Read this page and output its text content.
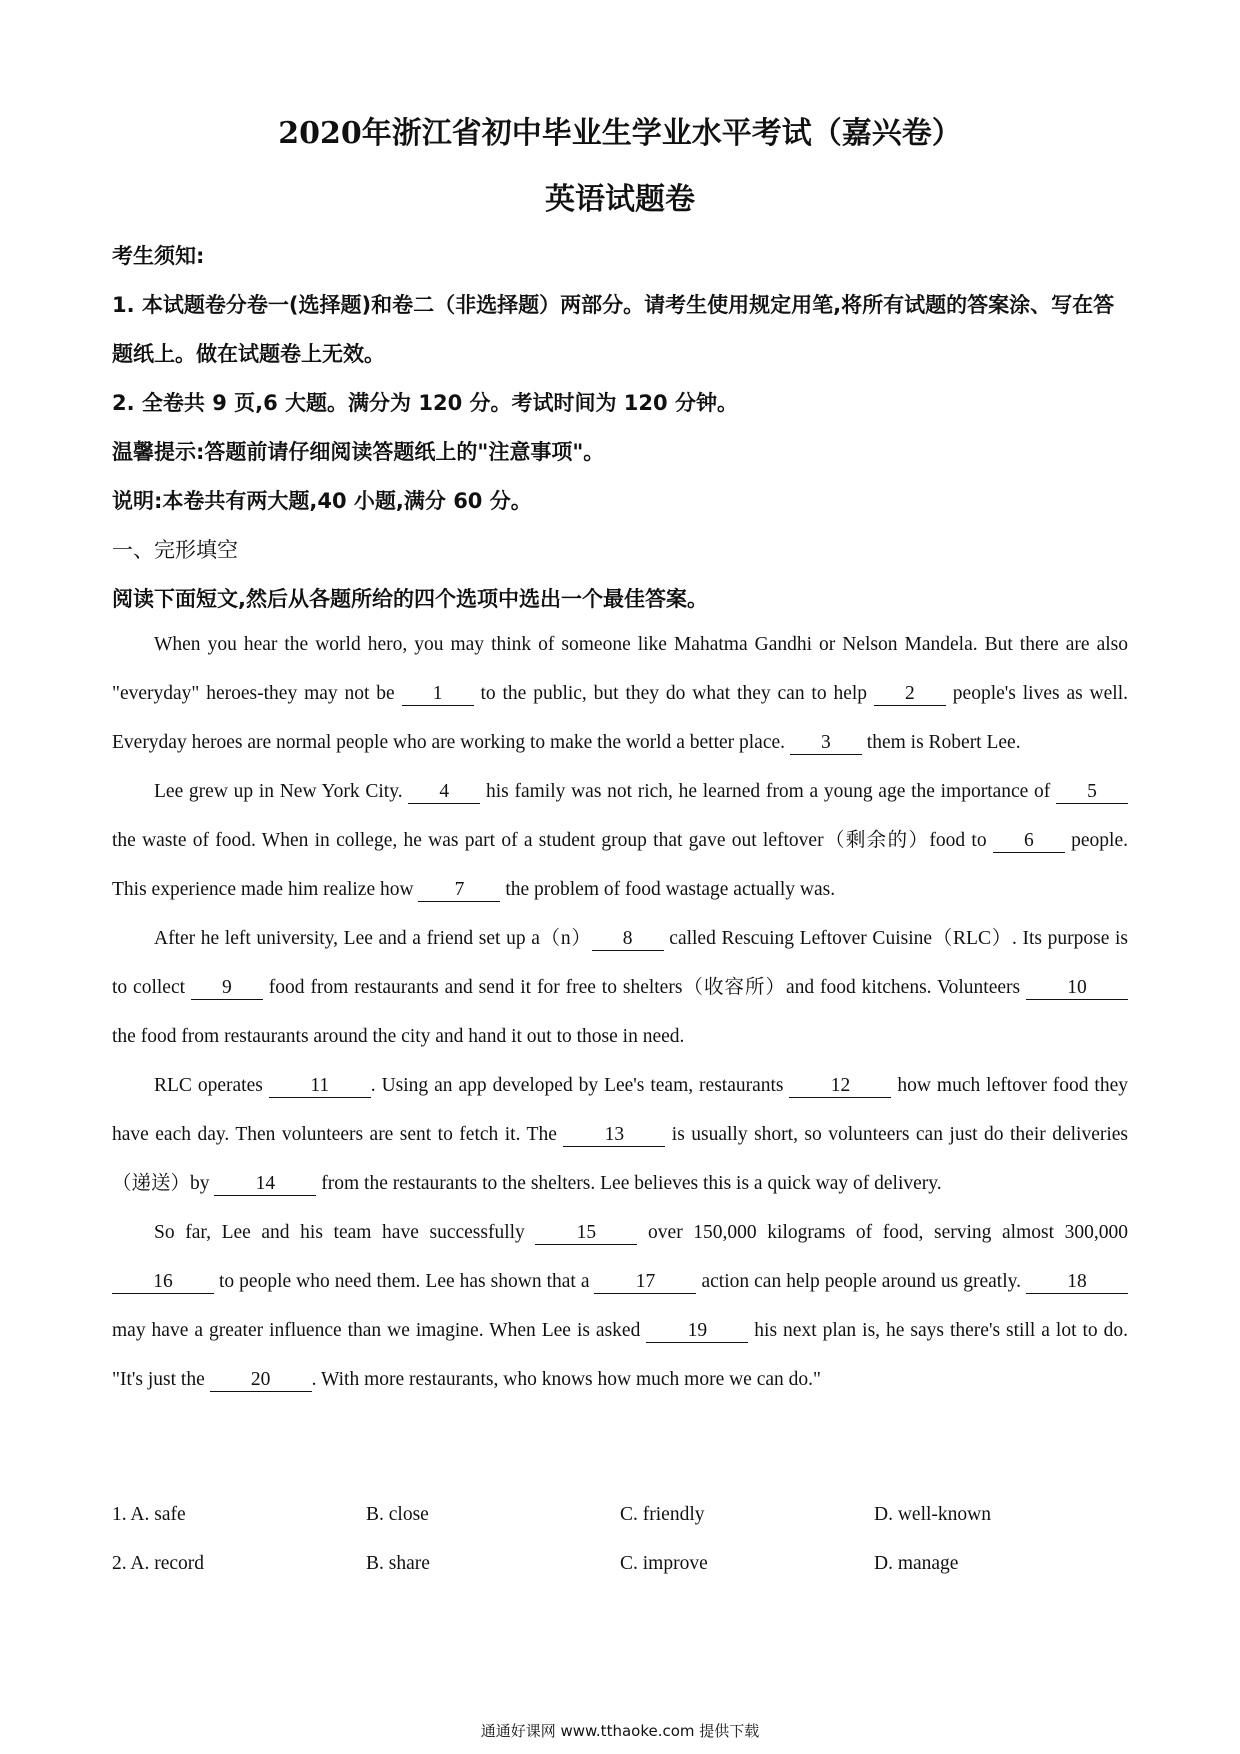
2020年浙江省初中毕业生学业水平考试（嘉兴卷）
英语试题卷

考生须知:

1. 本试题卷分卷一(选择题)和卷二（非选择题）两部分。请考生使用规定用笔,将所有试题的答案涂、写在答题纸上。做在试题卷上无效。

2. 全卷共 9 页,6 大题。满分为 120 分。考试时间为 120 分钟。

温馨提示:答题前请仔细阅读答题纸上的"注意事项"。

说明:本卷共有两大题,40 小题,满分 60 分。

一、完形填空

阅读下面短文,然后从各题所给的四个选项中选出一个最佳答案。

When you hear the world hero, you may think of someone like Mahatma Gandhi or Nelson Mandela. But there are also "everyday" heroes-they may not be 1 to the public, but they do what they can to help 2 people's lives as well. Everyday heroes are normal people who are working to make the world a better place. 3 them is Robert Lee.

Lee grew up in New York City. 4 his family was not rich, he learned from a young age the importance of 5 the waste of food. When in college, he was part of a student group that gave out leftover（剩余的）food to 6 people. This experience made him realize how 7 the problem of food wastage actually was.

After he left university, Lee and a friend set up a（n） 8 called Rescuing Leftover Cuisine（RLC）. Its purpose is to collect 9 food from restaurants and send it for free to shelters（收容所）and food kitchens. Volunteers 10 the food from restaurants around the city and hand it out to those in need.

RLC operates 11 . Using an app developed by Lee's team, restaurants 12 how much leftover food they have each day. Then volunteers are sent to fetch it. The 13 is usually short, so volunteers can just do their deliveries（递送）by 14 from the restaurants to the shelters. Lee believes this is a quick way of delivery.

So far, Lee and his team have successfully 15 over 150,000 kilograms of food, serving almost 300,000 16 to people who need them. Lee has shown that a 17 action can help people around us greatly. 18 may have a greater influence than we imagine. When Lee is asked 19 his next plan is, he says there's still a lot to do. "It's just the 20 . With more restaurants, who knows how much more we can do."

1. A. safe	B. close	C. friendly	D. well-known
2. A. record	B. share	C. improve	D. manage
通通好课网 www.tthaoke.com 提供下载
